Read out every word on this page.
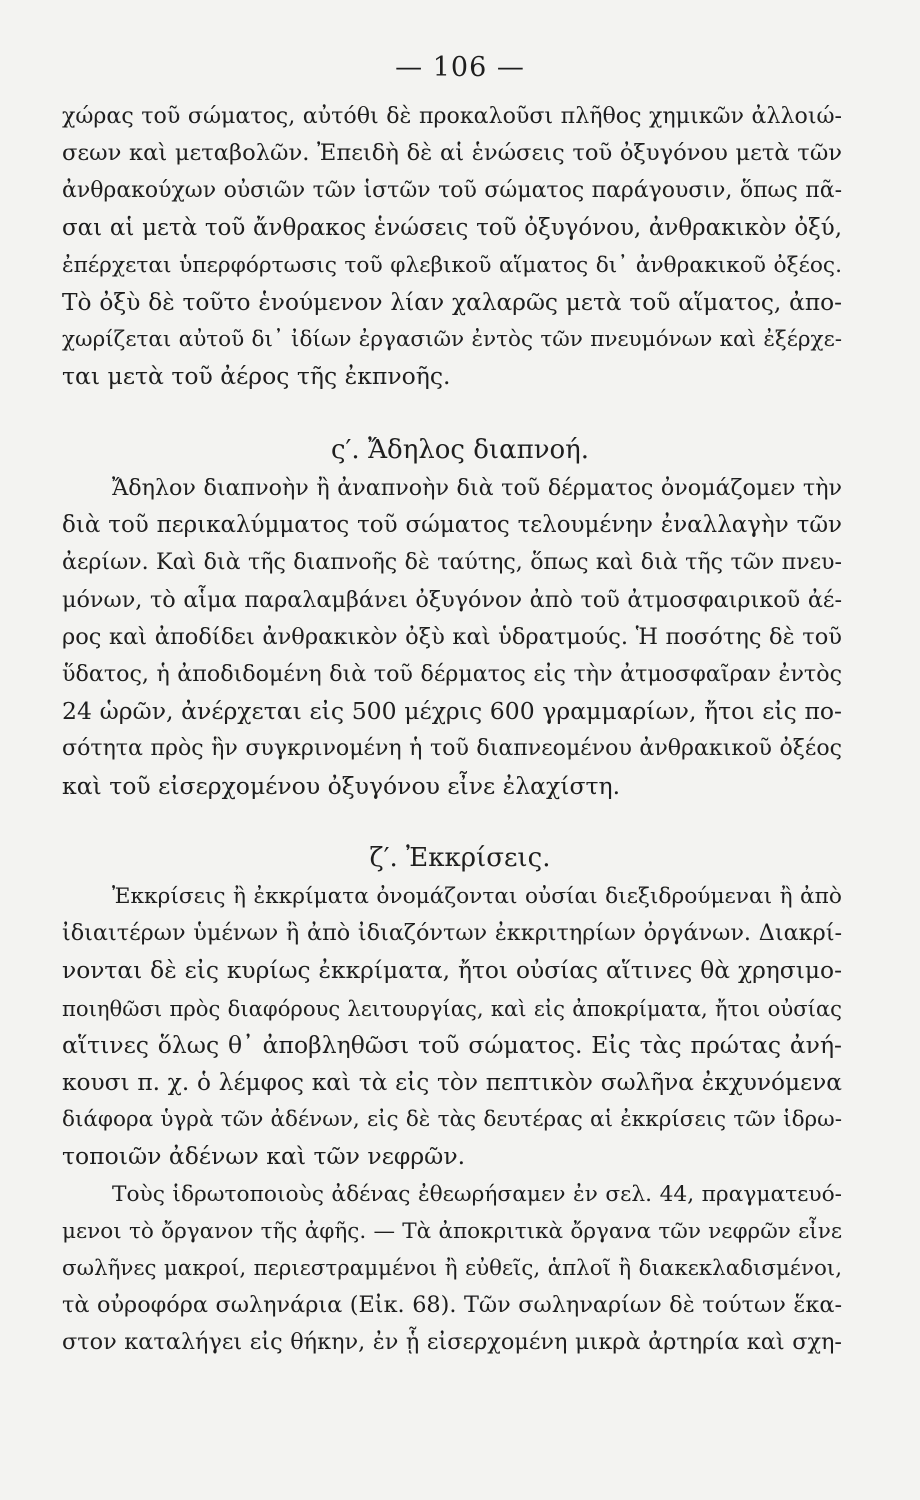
— 106 —
χώρας τοῦ σώματος, αὐτόθι δὲ προκαλοῦσι πλῆθος χημικῶν ἀλλοιώ-
σεων καὶ μεταβολῶν. Ἐπειδὴ δὲ αἱ ἑνώσεις τοῦ ὀξυγόνου μετὰ τῶν
ἀνθρακούχων οὐσιῶν τῶν ἱστῶν τοῦ σώματος παράγουσιν, ὅπως πᾶ-
σαι αἱ μετὰ τοῦ ἄνθρακος ἑνώσεις τοῦ ὀξυγόνου, ἀνθρακικὸν ὀξύ,
ἐπέρχεται ὑπερφόρτωσις τοῦ φλεβικοῦ αἵματος δι᾽ ἀνθρακικοῦ ὀξέος.
Τὸ ὀξὺ δὲ τοῦτο ἑνούμενον λίαν χαλαρῶς μετὰ τοῦ αἵματος, ἀπο-
χωρίζεται αὐτοῦ δι᾽ ἰδίων ἐργασιῶν ἐντὸς τῶν πνευμόνων καὶ ἐξέρχε-
ται μετὰ τοῦ ἀέρος τῆς ἐκπνοῆς.
ς′. Ἄδηλος διαπνοή.
Ἄδηλον διαπνοὴν ἢ ἀναπνοὴν διὰ τοῦ δέρματος ὀνομάζομεν τὴν
διὰ τοῦ περικαλύμματος τοῦ σώματος τελουμένην ἐναλλαγὴν τῶν
ἀερίων. Καὶ διὰ τῆς διαπνοῆς δὲ ταύτης, ὅπως καὶ διὰ τῆς τῶν πνευ-
μόνων, τὸ αἷμα παραλαμβάνει ὀξυγόνον ἀπὸ τοῦ ἀτμοσφαιρικοῦ ἀέ-
ρος καὶ ἀποδίδει ἀνθρακικὸν ὀξὺ καὶ ὑδρατμούς. Ἡ ποσότης δὲ τοῦ
ὕδατος, ἡ ἀποδιδομένη διὰ τοῦ δέρματος εἰς τὴν ἀτμοσφαῖραν ἐντὸς
24 ὡρῶν, ἀνέρχεται εἰς 500 μέχρις 600 γραμμαρίων, ἤτοι εἰς πο-
σότητα πρὸς ἣν συγκρινομένη ἡ τοῦ διαπνεομένου ἀνθρακικοῦ ὀξέος
καὶ τοῦ εἰσερχομένου ὀξυγόνου εἶνε ἐλαχίστη.
ζ′. Ἐκκρίσεις.
Ἐκκρίσεις ἢ ἐκκρίματα ὀνομάζονται οὐσίαι διεξιδρούμεναι ἢ ἀπὸ
ἰδιαιτέρων ὑμένων ἢ ἀπὸ ἰδιαζόντων ἐκκριτηρίων ὀργάνων. Διακρί-
νονται δὲ εἰς κυρίως ἐκκρίματα, ἤτοι οὐσίας αἵτινες θὰ χρησιμο-
ποιηθῶσι πρὸς διαφόρους λειτουργίας, καὶ εἰς ἀποκρίματα, ἤτοι οὐσίας
αἵτινες ὅλως θ᾽ ἀποβληθῶσι τοῦ σώματος. Εἰς τὰς πρώτας ἀνή-
κουσι π. χ. ὁ λέμφος καὶ τὰ εἰς τὸν πεπτικὸν σωλῆνα ἐκχυνόμενα
διάφορα ὑγρὰ τῶν ἀδένων, εἰς δὲ τὰς δευτέρας αἱ ἐκκρίσεις τῶν ἱδρω-
τοποιῶν ἀδένων καὶ τῶν νεφρῶν.
Τοὺς ἱδρωτοποιοὺς ἀδένας ἐθεωρήσαμεν ἐν σελ. 44, πραγματευό-
μενοι τὸ ὄργανον τῆς ἀφῆς. — Τὰ ἀποκριτικὰ ὄργανα τῶν νεφρῶν εἶνε
σωλῆνες μακροί, περιεστραμμένοι ἢ εὐθεῖς, ἁπλοῖ ἢ διακεκλαδισμένοι,
τὰ οὐροφόρα σωληνάρια (Εἰκ. 68). Τῶν σωληναρίων δὲ τούτων ἕκα-
στον καταλήγει εἰς θήκην, ἐν ᾗ εἰσερχομένη μικρὰ ἀρτηρία καὶ σχη-
